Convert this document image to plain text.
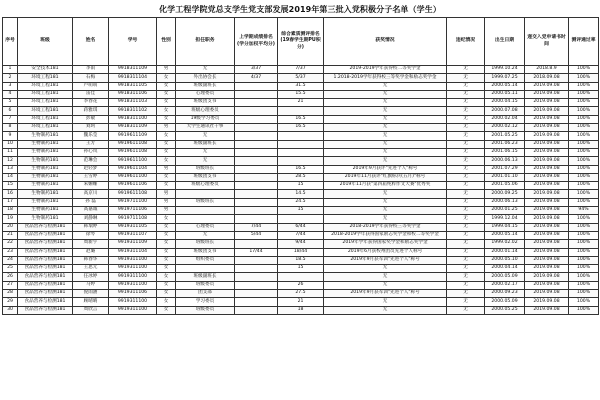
化学工程学院党总支学生党支部发展2019年第三批入党积极分子名单（学生）
序号	班级	姓名	学号	性别	担任职务	上学期成绩排名(学分加权平均分)	综合素质测评排名(19春学生期PU积分)	获奖情况	违纪情况	出生日期	递交入党申请书时间	测评通过率
1	安全技术181	李雨	9918311109	男	无	3/37	7/37	2019-2019学年获得校二等奖学金	无	1999.10.24	2018.8.9	100%
2	环境工程181	石梅	9918311104	女	外出协会长	4/37	5/37	1.2018-2019学年获得校三等奖学金和励志奖学金	无	1999.07.25	2018.09.08	100%
3	环境工程181	卢萌萌	9918311105	女	班级副班长		31.5	无	无	2000.05.14	2019.09.08	100%
4	环境工程181	雷佳	9918311106	女	心理委员		15.5	无	无	2000.05.11	2019.09.08	100%
5	环境工程181	李春花	9918311103	女	班级团支书		21	无	无	2000.04.15	2019.09.08	100%
6	环境工程181	蒋雅琪	9918311102	女	班级心理委员			无	无	2000.07.08	2019.09.08	100%
7	环境工程181	彭敏	9918311100	女	19级学习委员		16.5	无	无	2000.02.04	2019.09.08	100%
8	环境工程181	刘珂	9918311109	男	大学生通讯社干事		16.5	无	无	2000.02.12	2019.09.08	100%
9	生物制药181	魏乐莹	9919611109	女	无			无	无	2001.05.25	2019.09.08	100%
10	生物制药181	王芳	9919611108	女	班级副班长			无	无	2001.06.23	2019.09.08	100%
11	生物制药181	孙心岚	9919611108	女	无			无	无	2001.06.15	2019.09.08	100%
12	生物制药181	范琳会	9919611100	女	无			无	无	2000.06.13	2019.09.08	100%
13	生物制药181	赵轻梦	9919611104	男	班级班长		16.5	2019年9月获评"先进个人"称号	无	2001.07.29	2019.09.08	100%
14	生物制药181	王雪婷	9919611100	女	班级团支书		28.5	2019年11月获评"红旗标兵(五月)"称号	无	2001.01.10	2019.09.08	100%
15	生物制药181	朱姗姗	9919611106	女	班级心理委员		15	2019年11月获"第四届纯粹作文大赛"优秀奖	无	2001.05.06	2019.09.08	100%
16	生物制药181	高京川	9919611108	男			14.5	无	无	2000.09.25	2019.09.08	100%
17	生物制药181	孙 磊	9919711100	男	班级班长		24.5	无	无	2000.06.13	2019.09.08	100%
18	生物制药181	高嘉诚	9919711106	男			15	无	无	2000.01.25	2019.09.08	94%
19	生物制药181	刘静琳	9919711108	女				无	无	1999.12.04	2019.09.08	100%
20	食品营养与检测181	韩瑞婷	9919311105	女	心理委员	7/44	6/44	2018-2019学年获得校三等奖学金	无	1999.04.15	2019.09.08	100%
21	食品营养与检测181	徐琴	9919311107	女	无	5/44	7/44	2018-2019学年获得国家励志奖学金和校二等奖学金	无	2000.05.14	2019.09.08	100%
22	食品营养与检测181	周新宇	9919311109	女	班级班长		9/44	2019年学年获得国家奖学金和励志奖学金	无	1999.02.02	2019.09.08	100%
23	食品营养与检测181	赵璐	9919311104	女	班级团支书	17/44	18/44	2019年6月获校州团员先进个人称号	无	2000.01.14	2019.09.08	100%
24	食品营养与检测181	韩春华	9919311100	女	组织委员		18.5	2019年9月获军训"先进个人"称号	无	2000.05.10	2019.09.08	100%
25	食品营养与检测181	王思元	9919311100	女			15	无	无	2000.04.14	2019.09.08	100%
26	食品营养与检测181	任冰婷	9919311100	女	班级副班长			无	无	2000.05.09	2019.09.08	100%
27	食品营养与检测181	马婷	9919311100	女	班级委员		26	无	无	2000.02.17	2019.09.08	100%
28	食品营养与检测181	倪雨涵	9919311106	女	团支部		27.5	2019年9月获军训"先进个人"称号	无	2000.09.23	2019.09.08	100%
29	食品营养与检测181	顾晴晴	9919311100	女	学习委员		21	无	无	2000.05.09	2019.09.08	100%
30	食品营养与检测181	周欣言	9919311100	女	班级委员		18	无	无	2000.05.25	2019.09.08	100%
